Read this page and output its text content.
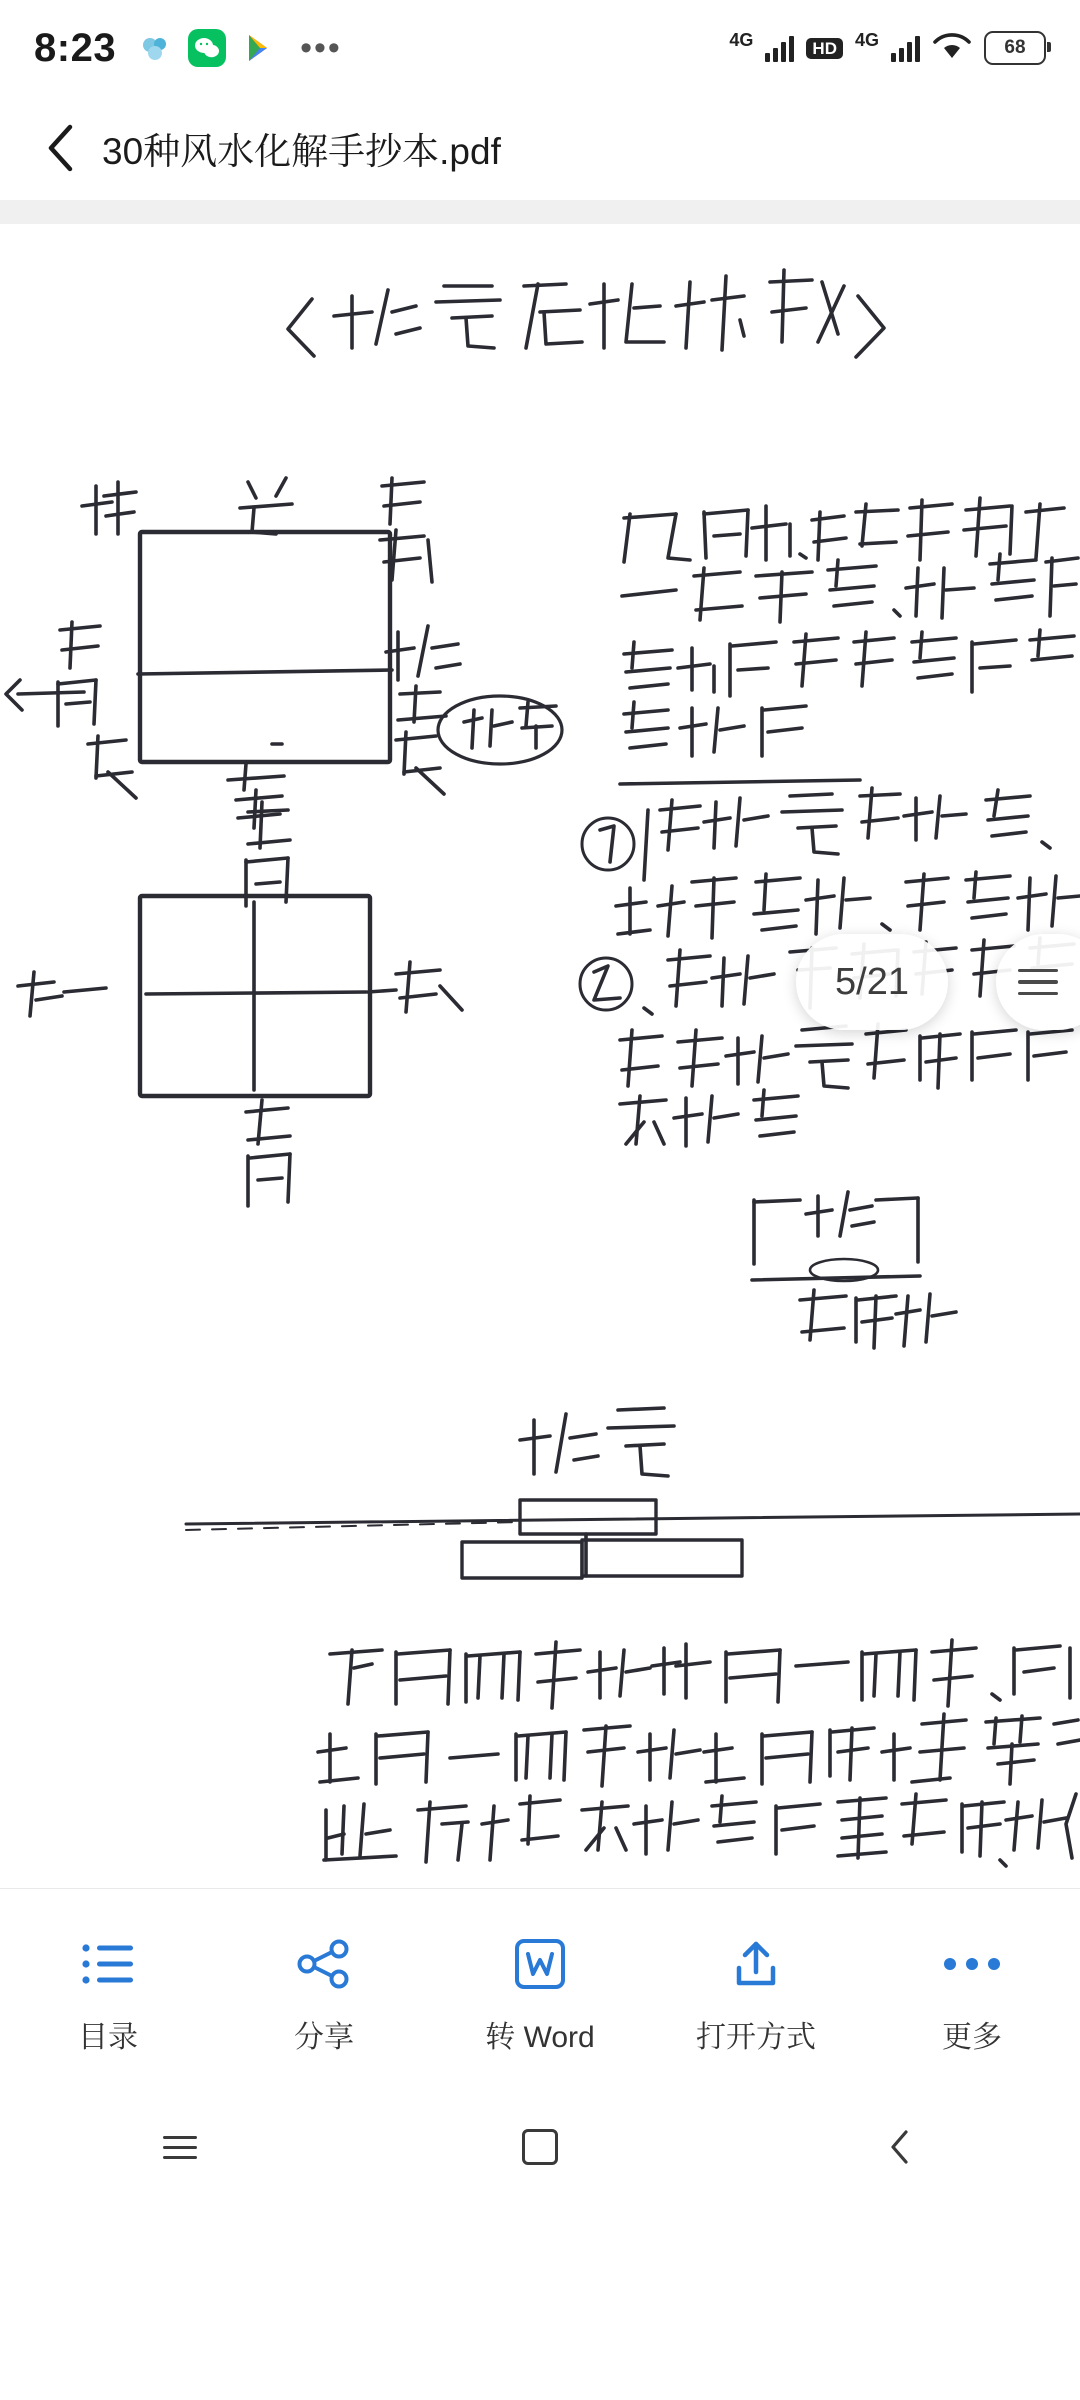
8:23	•••	4G	HD	4G	68
30种风水化解手抄本.pdf
5/21
目录	分享	转 Word	打开方式	更多
